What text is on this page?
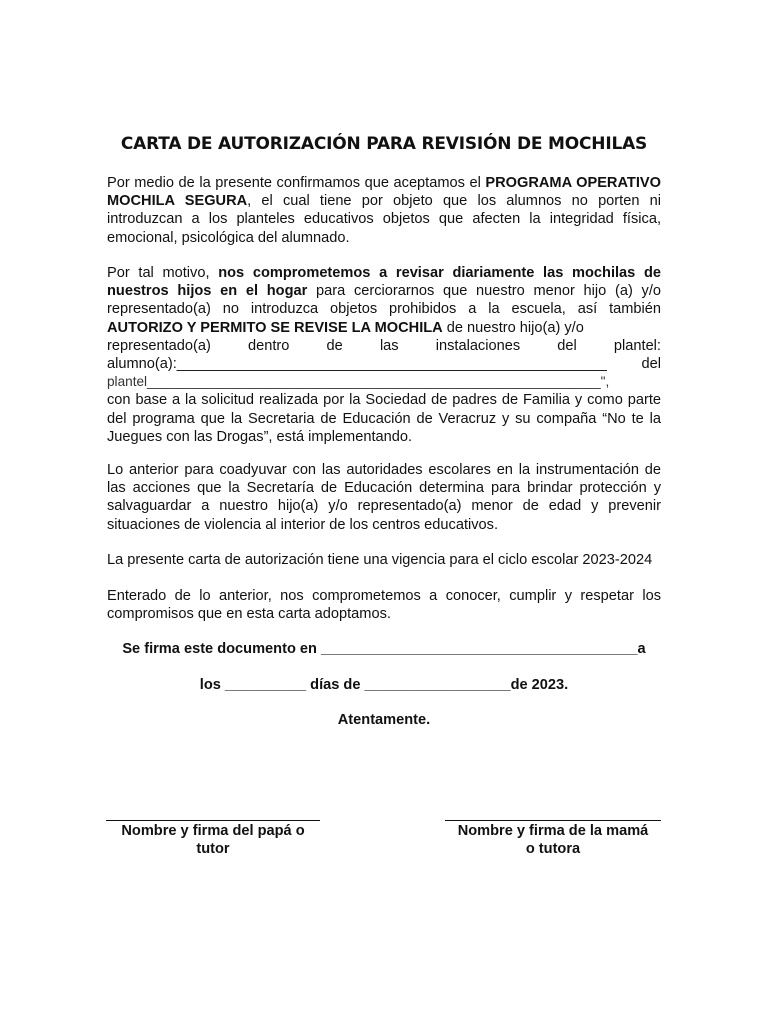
CARTA DE AUTORIZACIÓN PARA REVISIÓN DE MOCHILAS

Por medio de la presente confirmamos que aceptamos el PROGRAMA OPERATIVO MOCHILA SEGURA, el cual tiene por objeto que los alumnos no porten ni introduzcan a los planteles educativos objetos que afecten la integridad física, emocional, psicológica del alumnado.

Por tal motivo, nos comprometemos a revisar diariamente las mochilas de nuestros hijos en el hogar para cerciorarnos que nuestro menor hijo (a) y/o representado(a) no introduzca objetos prohibidos a la escuela, así también AUTORIZO Y PERMITO SE REVISE LA MOCHILA de nuestro hijo(a) y/o
representado(a)	dentro	de	las	instalaciones	del	plantel:
alumno(a):_____________________________________________________ del
plantel____________________________________________________________",
con base a la solicitud realizada por la Sociedad de padres de Familia y como parte del programa que la Secretaria de Educación de Veracruz y su compaña “No te la Juegues con las Drogas”, está implementando.

Lo anterior para coadyuvar con las autoridades escolares en la instrumentación de las acciones que la Secretaría de Educación determina para brindar protección y salvaguardar a nuestro hijo(a) y/o representado(a) menor de edad y prevenir situaciones de violencia al interior de los centros educativos.

La presente carta de autorización tiene una vigencia para el ciclo escolar 2023-2024

Enterado de lo anterior, nos comprometemos a conocer, cumplir y respetar los compromisos que en esta carta adoptamos.

Se firma este documento en _______________________________________a
los __________ días de __________________de 2023.
Atentamente.
Nombre y firma del papá o
tutor
Nombre y firma de la mamá
o tutora
